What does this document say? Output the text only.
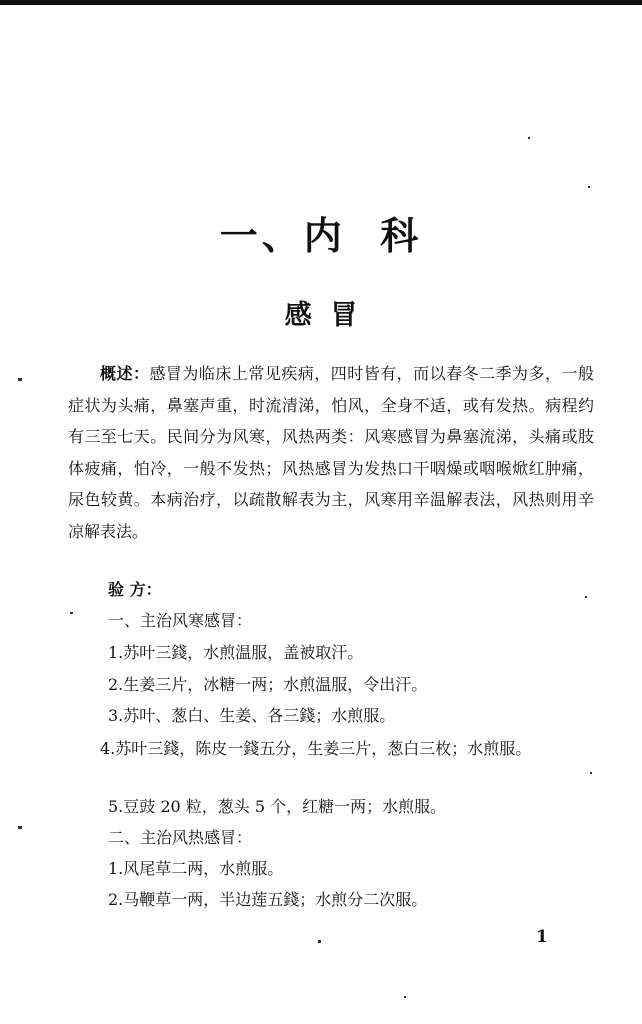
一、内  科
感  冒

概述：感冒为临床上常见疾病，四时皆有，而以春冬二季为多，一般症状为头痛，鼻塞声重，时流清涕，怕风，全身不适，或有发热。病程约有三至七天。民间分为风寒，风热两类：风寒感冒为鼻塞流涕，头痛或肢体疲痛，怕冷，一般不发热；风热感冒为发热口干咽燥或咽喉焮红肿痛，尿色较黄。本病治疗，以疏散解表为主，风寒用辛温解表法，风热则用辛凉解表法。

验 方：
一、主治风寒感冒：
1.苏叶三錢，水煎温服，盖被取汗。
2.生姜三片，冰糖一两；水煎温服，令出汗。
3.苏叶、葱白、生姜、各三錢；水煎服。

4.苏叶三錢，陈皮一錢五分，生姜三片，葱白三枚；水煎服。

5.豆豉 20 粒，葱头 5 个，红糖一两；水煎服。
二、主治风热感冒：
1.风尾草二两，水煎服。
2.马鞭草一两，半边莲五錢；水煎分二次服。
1
